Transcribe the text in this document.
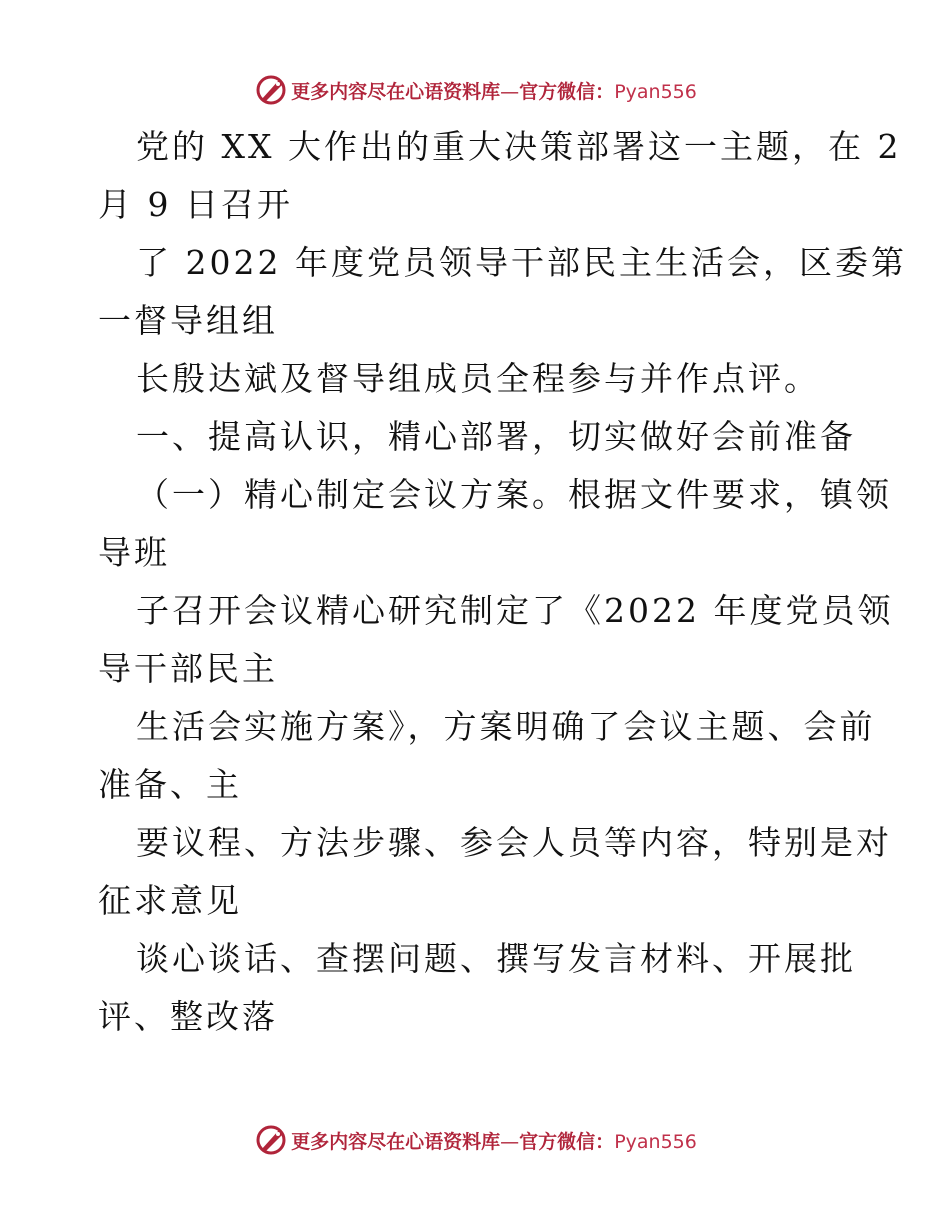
更多内容尽在心语资料库—官方微信：Pyan556
党的 XX 大作出的重大决策部署这一主题，在 2
月 9 日召开
了 2022 年度党员领导干部民主生活会，区委第
一督导组组
长殷达斌及督导组成员全程参与并作点评。
一、提高认识，精心部署，切实做好会前准备
（一）精心制定会议方案。根据文件要求，镇领
导班
子召开会议精心研究制定了《2022 年度党员领
导干部民主
生活会实施方案》，方案明确了会议主题、会前
准备、主
要议程、方法步骤、参会人员等内容，特别是对
征求意见
谈心谈话、查摆问题、撰写发言材料、开展批
评、整改落
更多内容尽在心语资料库—官方微信：Pyan556
